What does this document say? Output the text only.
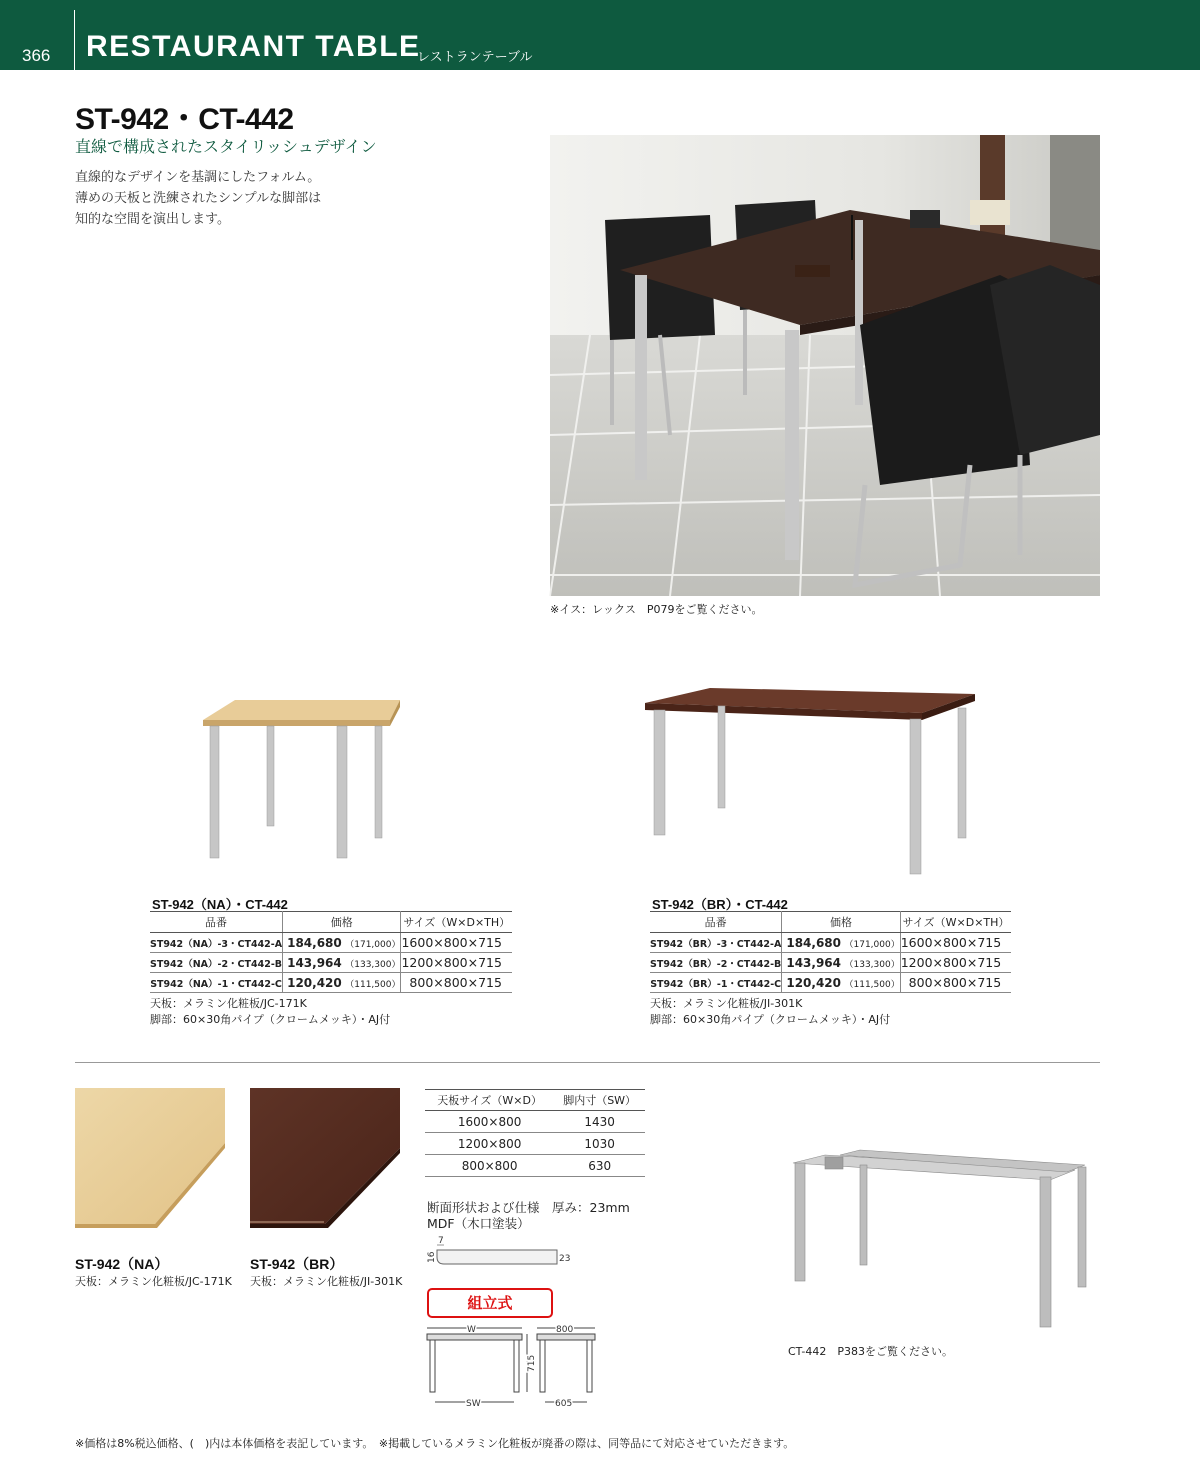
366 RESTAURANT TABLE
レストランテーブル
ST-942・CT-442
直線で構成されたスタイリッシュデザイン
直線的なデザインを基調にしたフォルム。
薄めの天板と洗練されたシンプルな脚部は
知的な空間を演出します。
※イス：レックス　P079をご覧ください。
ST-942（NA）・CT-442
品番	価格	サイズ（W×D×TH）
ST942（NA）-3・CT442-A	184,680 （171,000）	1600×800×715
ST942（NA）-2・CT442-B	143,964 （133,300）	1200×800×715
ST942（NA）-1・CT442-C	120,420 （111,500）	800×800×715
天板：メラミン化粧板/JC-171K
脚部：60×30角パイプ（クロームメッキ）・AJ付
ST-942（BR）・CT-442
品番	価格	サイズ（W×D×TH）
ST942（BR）-3・CT442-A	184,680 （171,000）	1600×800×715
ST942（BR）-2・CT442-B	143,964 （133,300）	1200×800×715
ST942（BR）-1・CT442-C	120,420 （111,500）	800×800×715
天板：メラミン化粧板/JI-301K
脚部：60×30角パイプ（クロームメッキ）・AJ付
ST-942（NA）
天板：メラミン化粧板/JC-171K
ST-942（BR）
天板：メラミン化粧板/JI-301K
天板サイズ（W×D）	脚内寸（SW）
1600×800	1430
1200×800	1030
800×800	630
断面形状および仕様　厚み：23mm
MDF（木口塗装）
7
16	23
組立式
W
SW
715
800
605
CT-442　P383をご覧ください。
※価格は8%税込価格、(　)内は本体価格を表記しています。　※掲載しているメラミン化粧板が廃番の際は、同等品にて対応させていただきます。
